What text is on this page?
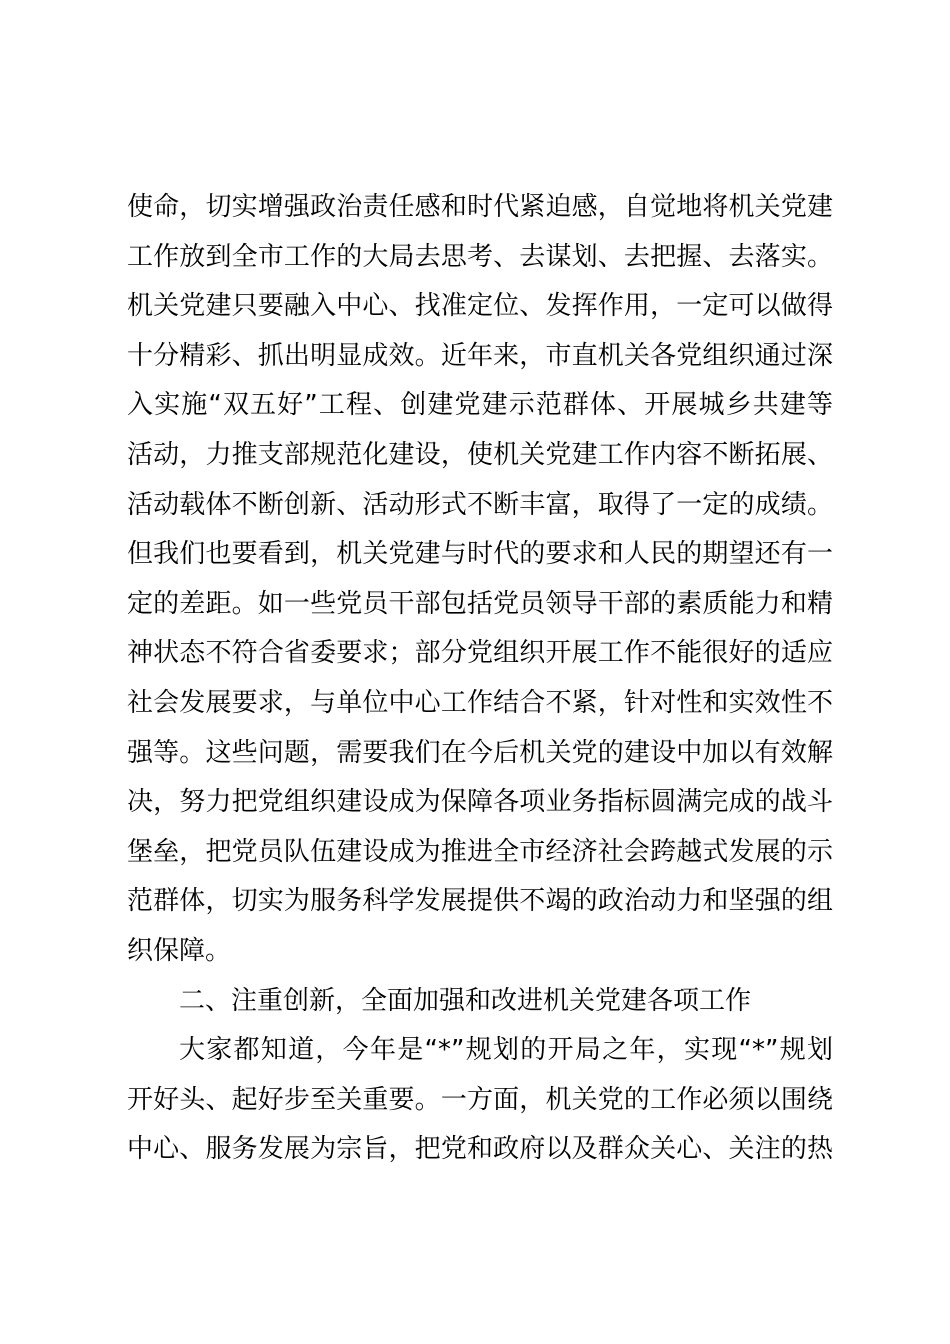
使命，切实增强政治责任感和时代紧迫感，自觉地将机关党建
工作放到全市工作的大局去思考、去谋划、去把握、去落实。
机关党建只要融入中心、找准定位、发挥作用，一定可以做得
十分精彩、抓出明显成效。近年来，市直机关各党组织通过深
入实施“双五好”工程、创建党建示范群体、开展城乡共建等
活动，力推支部规范化建设，使机关党建工作内容不断拓展、
活动载体不断创新、活动形式不断丰富，取得了一定的成绩。
但我们也要看到，机关党建与时代的要求和人民的期望还有一
定的差距。如一些党员干部包括党员领导干部的素质能力和精
神状态不符合省委要求；部分党组织开展工作不能很好的适应
社会发展要求，与单位中心工作结合不紧，针对性和实效性不
强等。这些问题，需要我们在今后机关党的建设中加以有效解
决，努力把党组织建设成为保障各项业务指标圆满完成的战斗
堡垒，把党员队伍建设成为推进全市经济社会跨越式发展的示
范群体，切实为服务科学发展提供不竭的政治动力和坚强的组
织保障。
二、注重创新，全面加强和改进机关党建各项工作
大家都知道，今年是“*”规划的开局之年，实现“*”规划
开好头、起好步至关重要。一方面，机关党的工作必须以围绕
中心、服务发展为宗旨，把党和政府以及群众关心、关注的热
